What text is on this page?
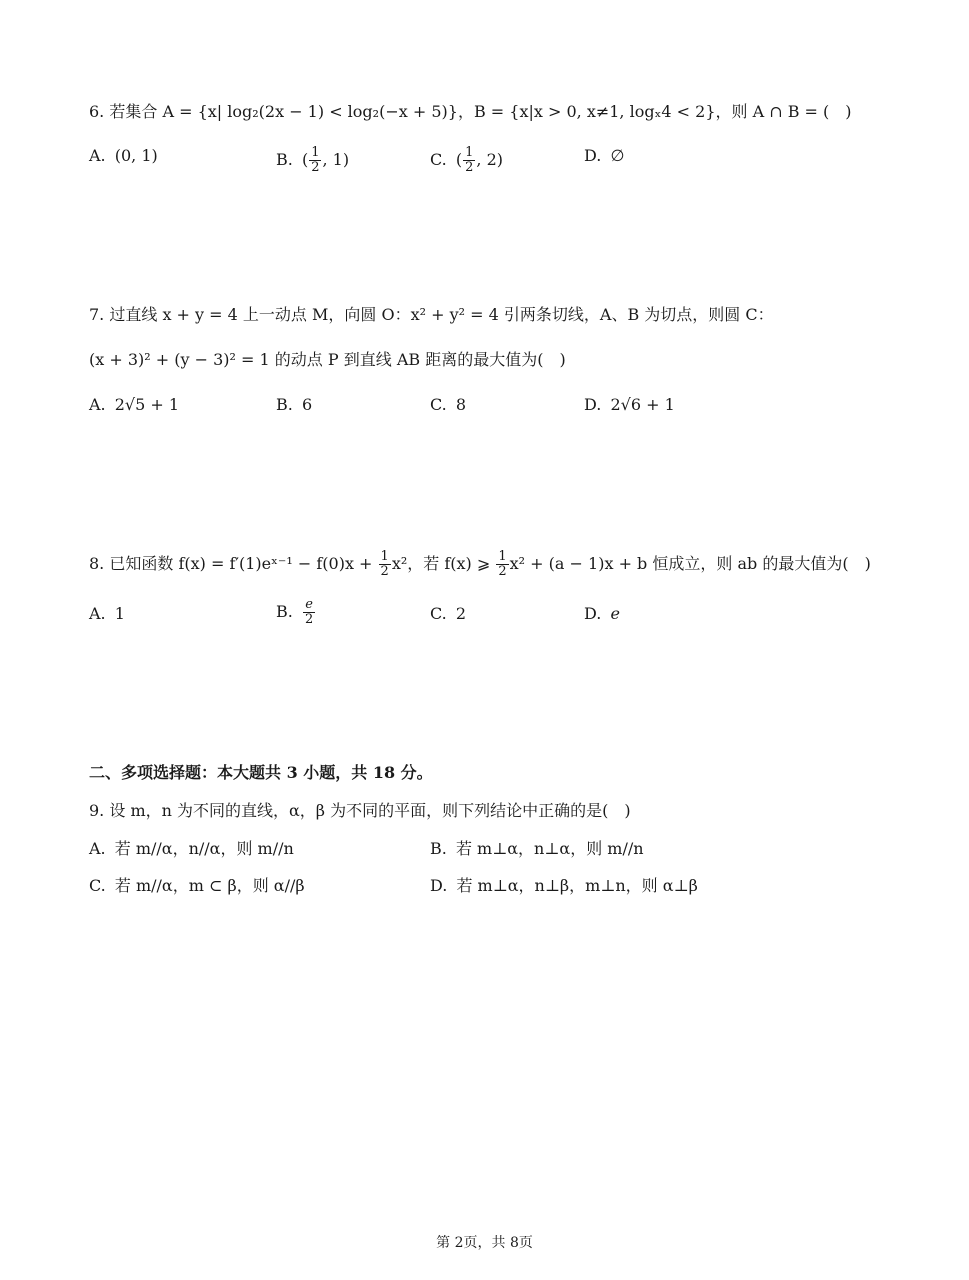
6. 若集合 A = {x| log₂(2x − 1) < log₂(−x + 5)}，B = {x|x > 0, x≠1, logₓ4 < 2}，则 A ∩ B = (　)
A. (0, 1)	B. ( $\frac{1}{2}$ , 1)	C. ( $\frac{1}{2}$ , 2)	D. ∅
7. 过直线 x + y = 4 上一动点 M，向圆 O：x² + y² = 4 引两条切线，A、B 为切点，则圆 C：
(x + 3)² + (y − 3)² = 1 的动点 P 到直线 AB 距离的最大值为(　)
A. 2√5 + 1	B. 6	C. 8	D. 2√6 + 1
8. 已知函数 f(x) = f′(1)eˣ⁻¹ − $f(0)x + \frac{1}{2} x^2$，若 f(x) ⩾ $\frac{1}{2} x^2 + (a - 1)x + b$ 恒成立，则 ab 的最大值为(　)
A. 1	B. $\frac{e}{2}$	C. 2	D. e
二、多项选择题：本大题共 3 小题，共 18 分。
9. 设 m，n 为不同的直线，α，β 为不同的平面，则下列结论中正确的是(　)
A. 若 m//α，n//α，则 m//n	B. 若 m⊥α，n⊥α，则 m//n
C. 若 m//α，m ⊂ β，则 α//β	D. 若 m⊥α，n⊥β，m⊥n，则 α⊥β
第 2页，共 8页
